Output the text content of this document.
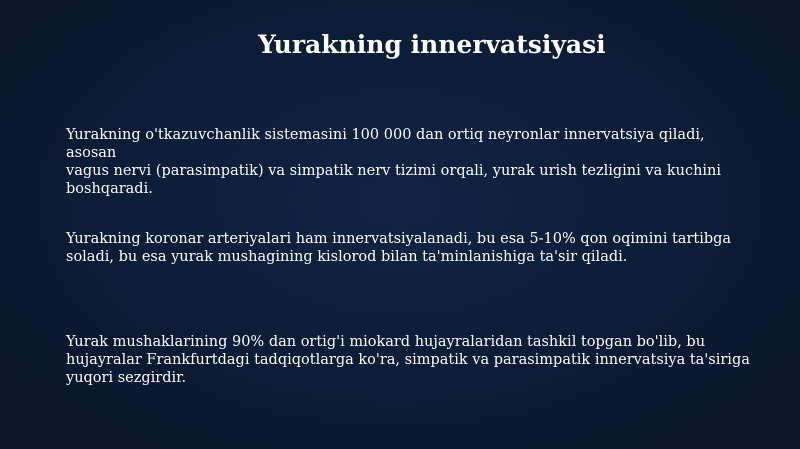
Yurakning innervatsiyasi

Yurakning o'tkazuvchanlik sistemasini 100 000 dan ortiq neyronlar innervatsiya qiladi, asosan
vagus nervi (parasimpatik) va simpatik nerv tizimi orqali, yurak urish tezligini va kuchini
boshqaradi.

Yurakning koronar arteriyalari ham innervatsiyalanadi, bu esa 5-10% qon oqimini tartibga
soladi, bu esa yurak mushagining kislorod bilan ta'minlanishiga ta'sir qiladi.

Yurak mushaklarining 90% dan ortig'i miokard hujayralaridan tashkil topgan bo'lib, bu
hujayralar Frankfurtdagi tadqiqotlarga ko'ra, simpatik va parasimpatik innervatsiya ta'siriga
yuqori sezgirdir.
